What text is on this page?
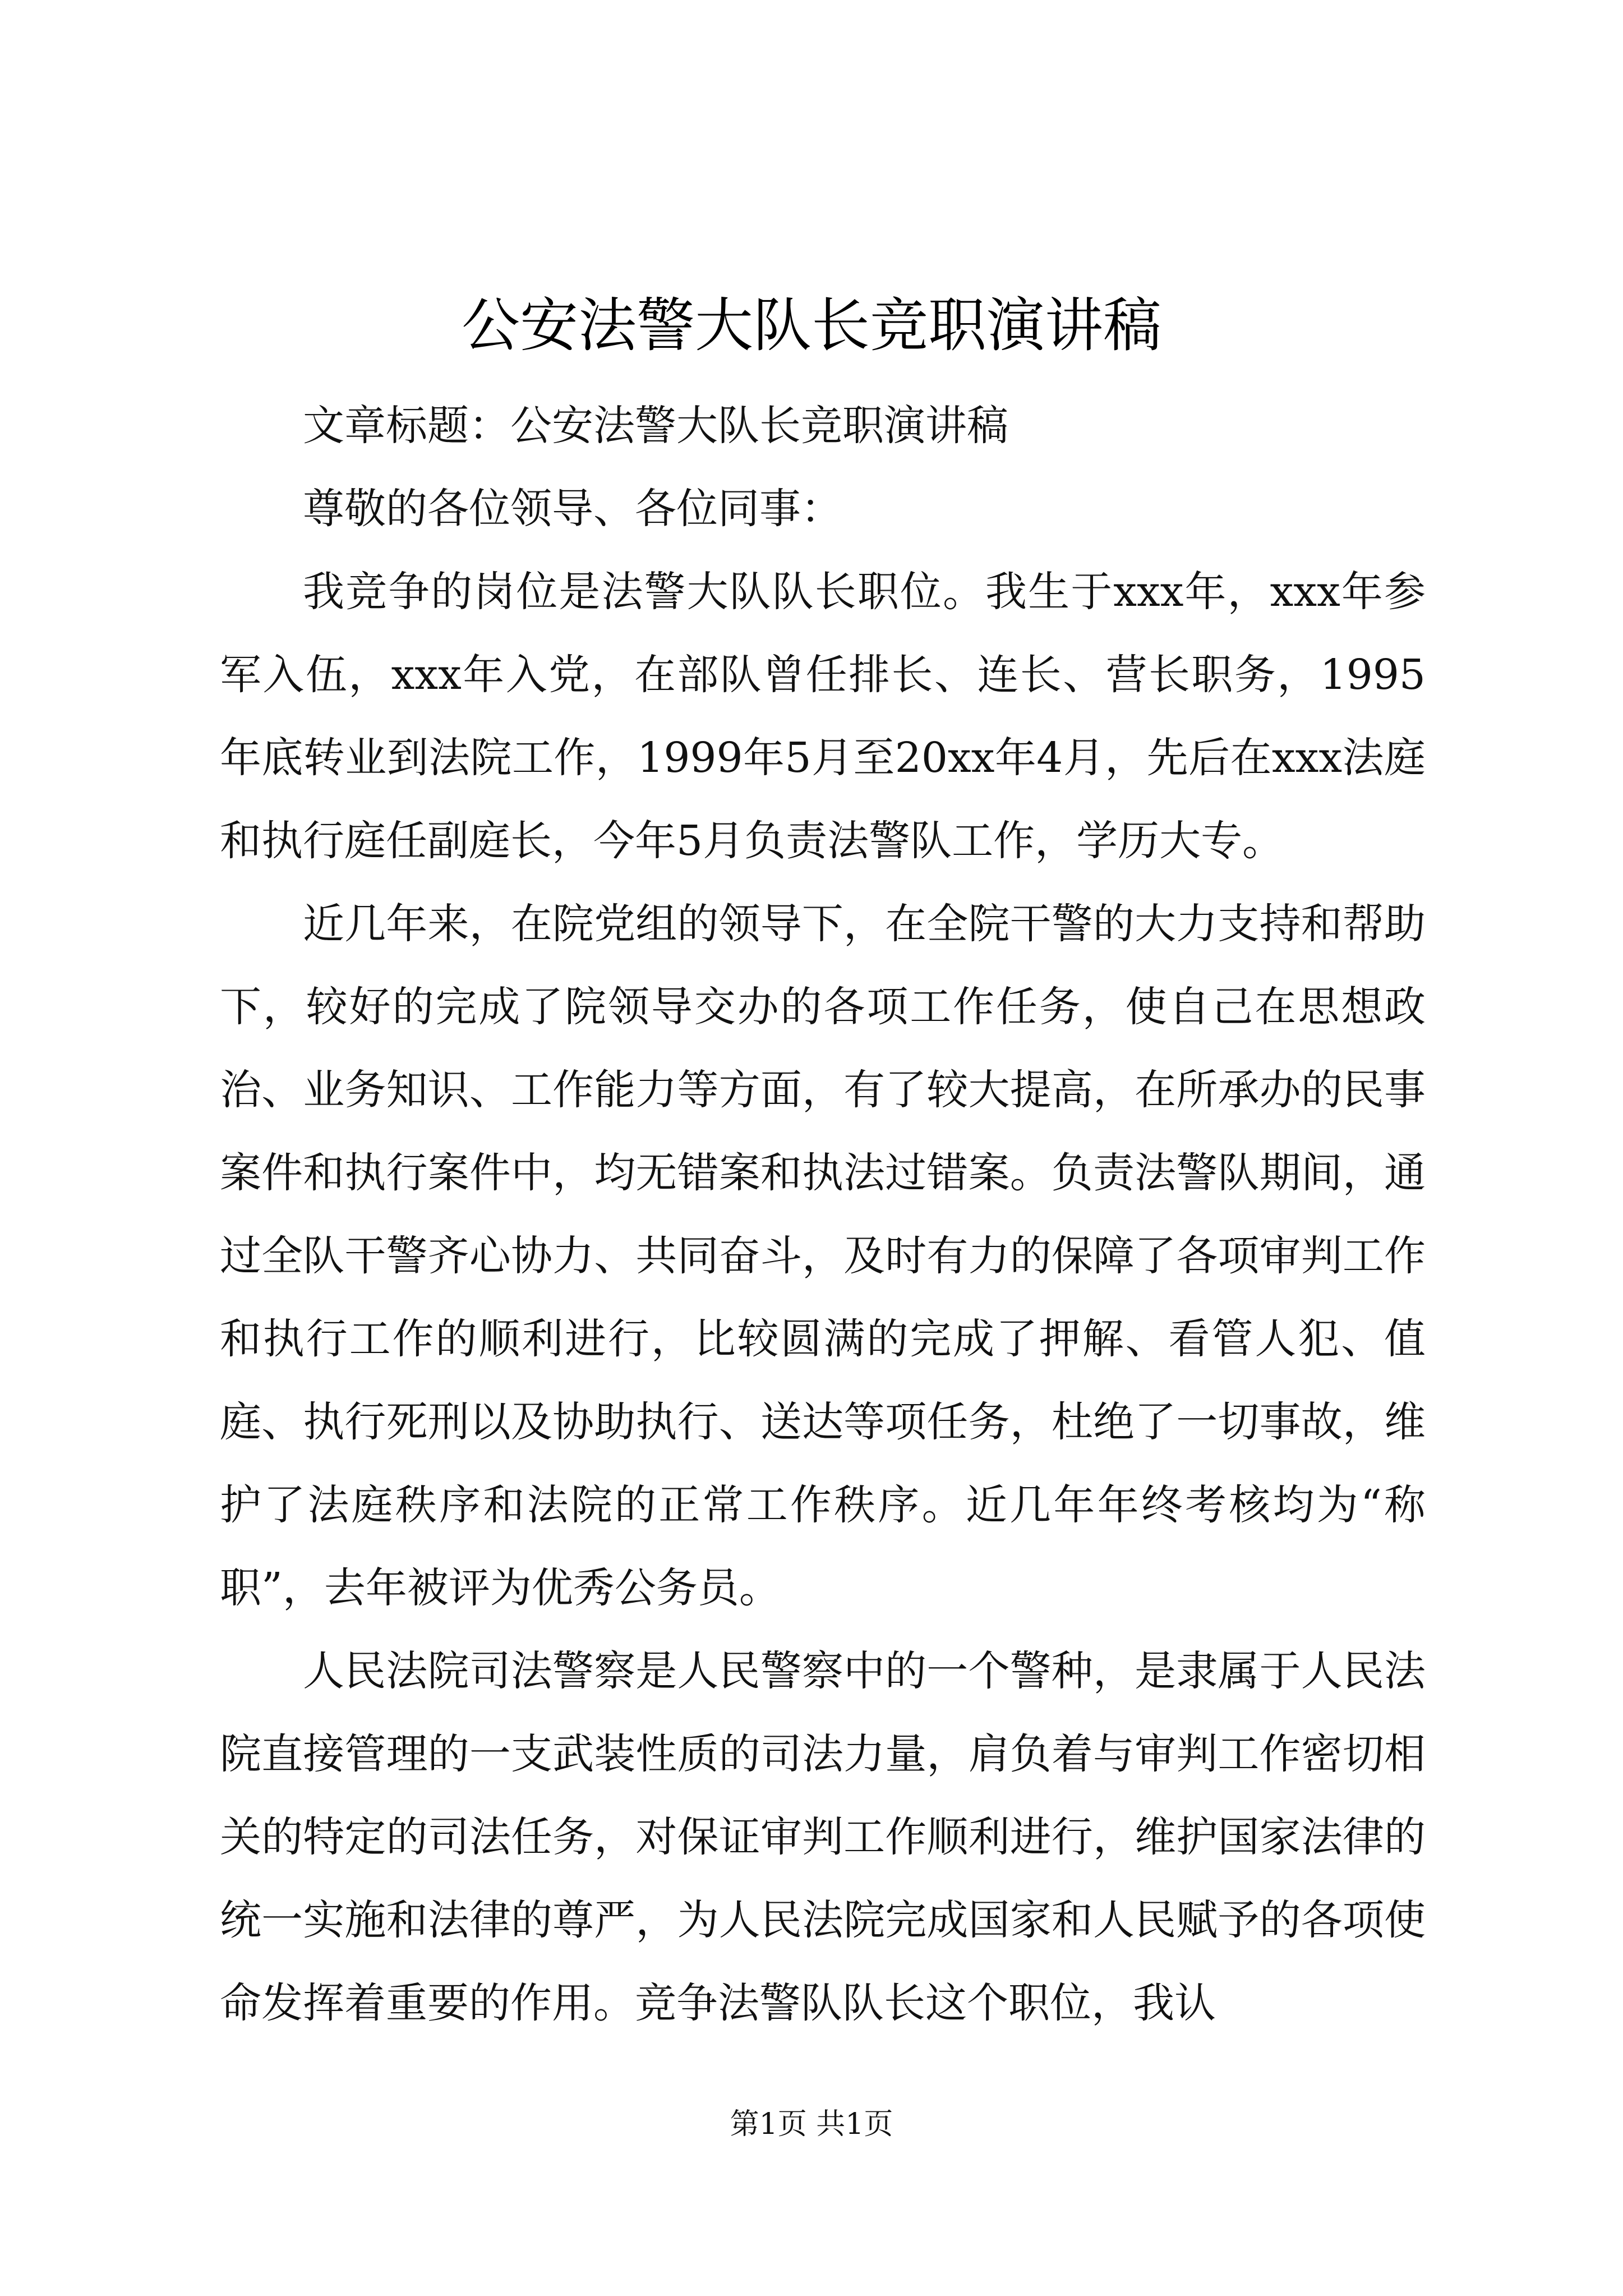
公安法警大队长竞职演讲稿

文章标题：公安法警大队长竞职演讲稿

尊敬的各位领导、各位同事：

我竞争的岗位是法警大队队长职位。我生于xxx年，xxx年参军入伍，xxx年入党，在部队曾任排长、连长、营长职务，1995年底转业到法院工作，1999年5月至20xx年4月，先后在xxx法庭和执行庭任副庭长，今年5月负责法警队工作，学历大专。

近几年来，在院党组的领导下，在全院干警的大力支持和帮助下，较好的完成了院领导交办的各项工作任务，使自己在思想政治、业务知识、工作能力等方面，有了较大提高，在所承办的民事案件和执行案件中，均无错案和执法过错案。负责法警队期间，通过全队干警齐心协力、共同奋斗，及时有力的保障了各项审判工作和执行工作的顺利进行，比较圆满的完成了押解、看管人犯、值庭、执行死刑以及协助执行、送达等项任务，杜绝了一切事故，维护了法庭秩序和法院的正常工作秩序。近几年年终考核均为“称职”，去年被评为优秀公务员。

人民法院司法警察是人民警察中的一个警种，是隶属于人民法院直接管理的一支武装性质的司法力量，肩负着与审判工作密切相关的特定的司法任务，对保证审判工作顺利进行，维护国家法律的统一实施和法律的尊严，为人民法院完成国家和人民赋予的各项使命发挥着重要的作用。竞争法警队队长这个职位，我认

第1页 共1页
